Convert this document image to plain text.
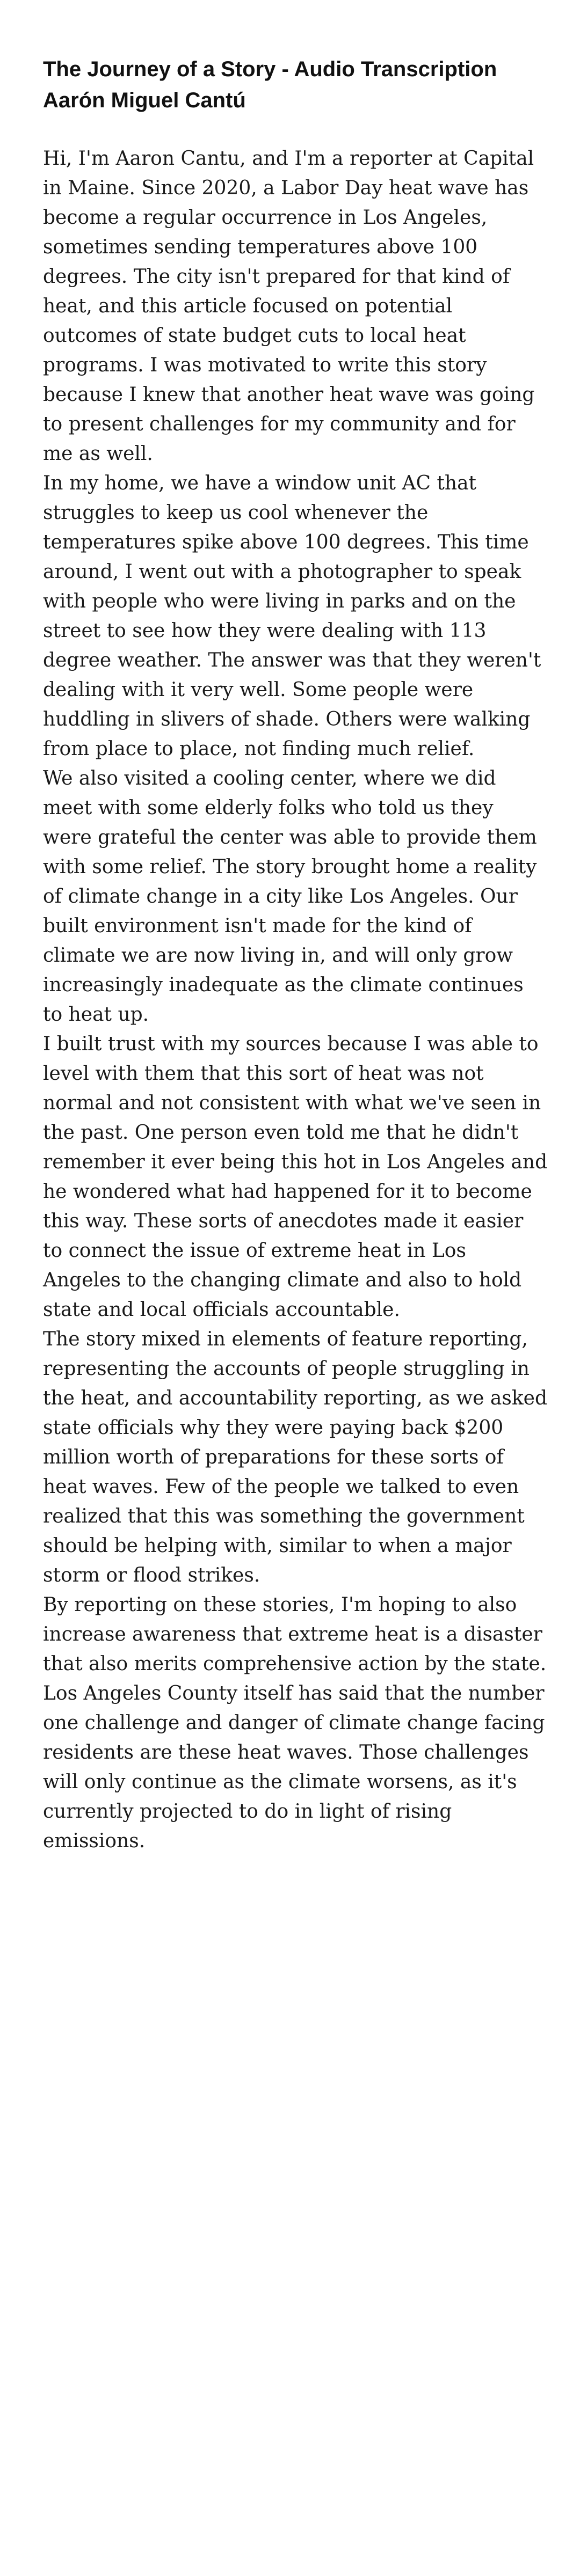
The Journey of a Story - Audio Transcription
Aarón Miguel Cantú

Hi, I'm Aaron Cantu, and I'm a reporter at Capital in Maine. Since 2020, a Labor Day heat wave has become a regular occurrence in Los Angeles, sometimes sending temperatures above 100 degrees. The city isn't prepared for that kind of heat, and this article focused on potential outcomes of state budget cuts to local heat programs. I was motivated to write this story because I knew that another heat wave was going to present challenges for my community and for me as well.

In my home, we have a window unit AC that struggles to keep us cool whenever the temperatures spike above 100 degrees. This time around, I went out with a photographer to speak with people who were living in parks and on the street to see how they were dealing with 113 degree weather. The answer was that they weren't dealing with it very well. Some people were huddling in slivers of shade. Others were walking from place to place, not finding much relief.

We also visited a cooling center, where we did meet with some elderly folks who told us they were grateful the center was able to provide them with some relief. The story brought home a reality of climate change in a city like Los Angeles. Our built environment isn't made for the kind of climate we are now living in, and will only grow increasingly inadequate as the climate continues to heat up.

I built trust with my sources because I was able to level with them that this sort of heat was not normal and not consistent with what we've seen in the past. One person even told me that he didn't remember it ever being this hot in Los Angeles and he wondered what had happened for it to become this way. These sorts of anecdotes made it easier to connect the issue of extreme heat in Los Angeles to the changing climate and also to hold state and local officials accountable.

The story mixed in elements of feature reporting, representing the accounts of people struggling in the heat, and accountability reporting, as we asked state officials why they were paying back $200 million worth of preparations for these sorts of heat waves. Few of the people we talked to even realized that this was something the government should be helping with, similar to when a major storm or flood strikes.

By reporting on these stories, I'm hoping to also increase awareness that extreme heat is a disaster that also merits comprehensive action by the state. Los Angeles County itself has said that the number one challenge and danger of climate change facing residents are these heat waves. Those challenges will only continue as the climate worsens, as it's currently projected to do in light of rising emissions.
